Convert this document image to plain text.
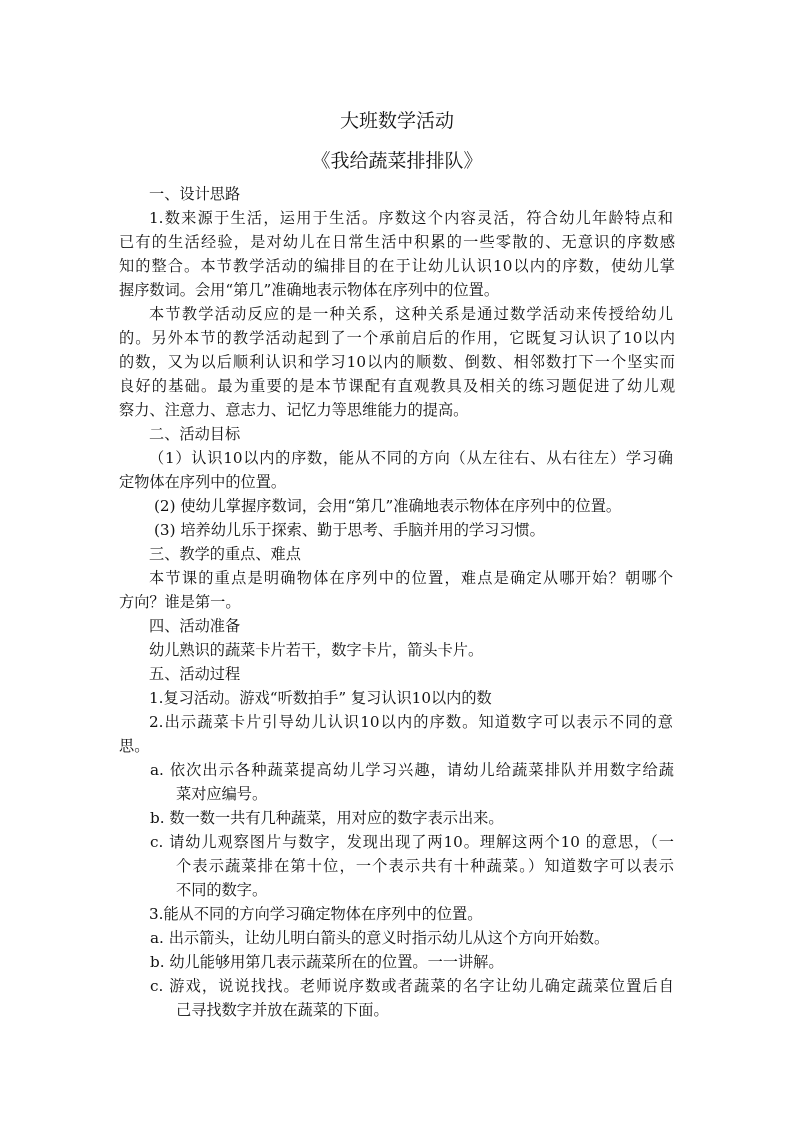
大班数学活动
《我给蔬菜排排队》
一、设计思路
1.数来源于生活，运用于生活。序数这个内容灵活，符合幼儿年龄特点和
已有的生活经验，是对幼儿在日常生活中积累的一些零散的、无意识的序数感
知的整合。本节教学活动的编排目的在于让幼儿认识10以内的序数，使幼儿掌
握序数词。会用“第几”准确地表示物体在序列中的位置。
本节教学活动反应的是一种关系，这种关系是通过数学活动来传授给幼儿
的。另外本节的教学活动起到了一个承前启后的作用，它既复习认识了10以内
的数，又为以后顺利认识和学习10以内的顺数、倒数、相邻数打下一个坚实而
良好的基础。最为重要的是本节课配有直观教具及相关的练习题促进了幼儿观
察力、注意力、意志力、记忆力等思维能力的提高。
二、活动目标
（1）认识10以内的序数，能从不同的方向（从左往右、从右往左）学习确
定物体在序列中的位置。
(2) 使幼儿掌握序数词，会用“第几”准确地表示物体在序列中的位置。
(3) 培养幼儿乐于探索、勤于思考、手脑并用的学习习惯。
三、教学的重点、难点
本节课的重点是明确物体在序列中的位置，难点是确定从哪开始？朝哪个
方向？谁是第一。
四、活动准备
幼儿熟识的蔬菜卡片若干，数字卡片，箭头卡片。
五、活动过程
1.复习活动。游戏“听数拍手” 复习认识10以内的数
2.出示蔬菜卡片引导幼儿认识10以内的序数。知道数字可以表示不同的意
思。
a. 依次出示各种蔬菜提高幼儿学习兴趣，请幼儿给蔬菜排队并用数字给蔬
菜对应编号。
b. 数一数一共有几种蔬菜，用对应的数字表示出来。
c. 请幼儿观察图片与数字，发现出现了两10。理解这两个10 的意思，（一
个表示蔬菜排在第十位，一个表示共有十种蔬菜。）知道数字可以表示
不同的数字。
3.能从不同的方向学习确定物体在序列中的位置。
a. 出示箭头，让幼儿明白箭头的意义时指示幼儿从这个方向开始数。
b. 幼儿能够用第几表示蔬菜所在的位置。一一讲解。
c. 游戏，说说找找。老师说序数或者蔬菜的名字让幼儿确定蔬菜位置后自
己寻找数字并放在蔬菜的下面。
